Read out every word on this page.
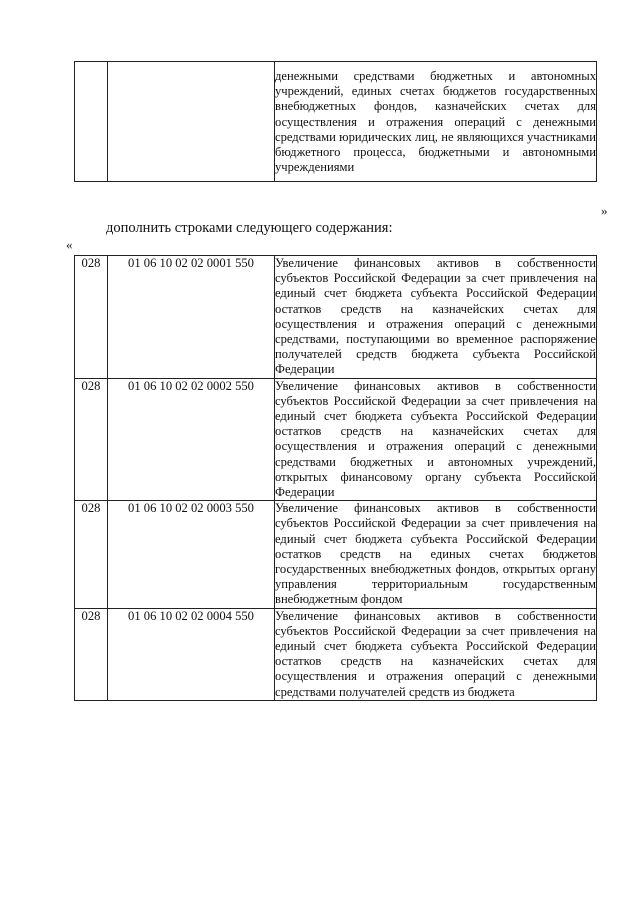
		денежными средствами бюджетных и автономных учреждений, единых счетах бюджетов государственных внебюджетных фондов, казначейских счетах для осуществления и отражения операций с денежными средствами юридических лиц, не являющихся участниками бюджетного процесса, бюджетными и автономными учреждениями
»
дополнить строками следующего содержания:
«
028	01 06 10 02 02 0001 550	Увеличение финансовых активов в собственности субъектов Российской Федерации за счет привлечения на единый счет бюджета субъекта Российской Федерации остатков средств на казначейских счетах для осуществления и отражения операций с денежными средствами, поступающими во временное распоряжение получателей средств бюджета субъекта Российской Федерации
028	01 06 10 02 02 0002 550	Увеличение финансовых активов в собственности субъектов Российской Федерации за счет привлечения на единый счет бюджета субъекта Российской Федерации остатков средств на казначейских счетах для осуществления и отражения операций с денежными средствами бюджетных и автономных учреждений, открытых финансовому органу субъекта Российской Федерации
028	01 06 10 02 02 0003 550	Увеличение финансовых активов в собственности субъектов Российской Федерации за счет привлечения на единый счет бюджета субъекта Российской Федерации остатков средств на единых счетах бюджетов государственных внебюджетных фондов, открытых органу управления территориальным государственным внебюджетным фондом
028	01 06 10 02 02 0004 550	Увеличение финансовых активов в собственности субъектов Российской Федерации за счет привлечения на единый счет бюджета субъекта Российской Федерации остатков средств на казначейских счетах для осуществления и отражения операций с денежными средствами получателей средств из бюджета
